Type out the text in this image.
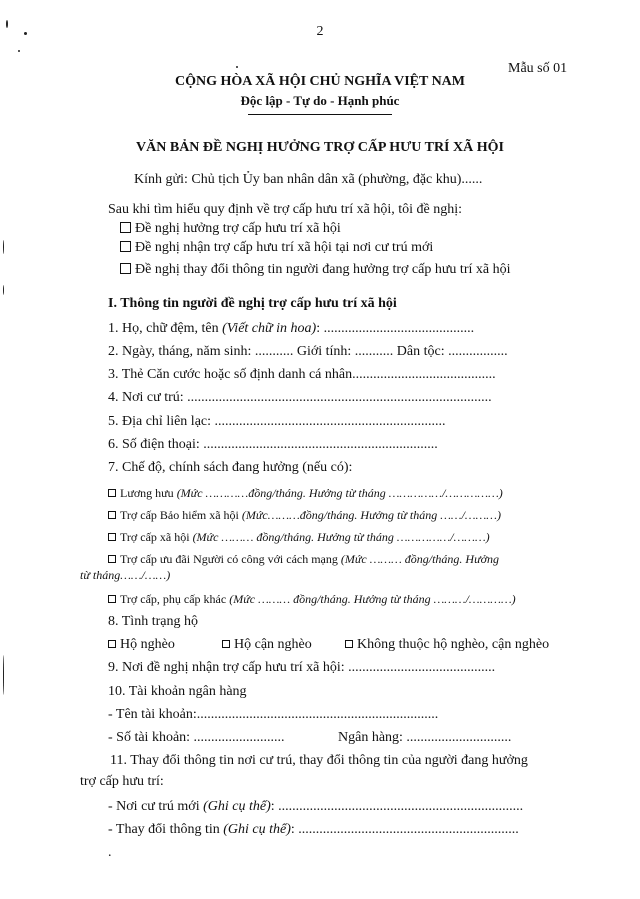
2
Mẫu số 01
CỘNG HÒA XÃ HỘI CHỦ NGHĨA VIỆT NAM
Độc lập - Tự do - Hạnh phúc
VĂN BẢN ĐỀ NGHỊ HƯỞNG TRỢ CẤP HƯU TRÍ XÃ HỘI
Kính gửi: Chủ tịch Ủy ban nhân dân xã (phường, đặc khu)......
Sau khi tìm hiểu quy định về trợ cấp hưu trí xã hội, tôi đề nghị:
Đề nghị hưởng trợ cấp hưu trí xã hội
Đề nghị nhận trợ cấp hưu trí xã hội tại nơi cư trú mới
Đề nghị thay đổi thông tin người đang hưởng trợ cấp hưu trí xã hội
I. Thông tin người đề nghị trợ cấp hưu trí xã hội
1. Họ, chữ đệm, tên (Viết chữ in hoa): ...........................................
2. Ngày, tháng, năm sinh: ........... Giới tính: ........... Dân tộc: .................
3. Thẻ Căn cước hoặc số định danh cá nhân.........................................
4. Nơi cư trú: .......................................................................................
5. Địa chỉ liên lạc: ..................................................................
6. Số điện thoại: ...................................................................
7. Chế độ, chính sách đang hưởng (nếu có):
Lương hưu (Mức …………đồng/tháng. Hưởng từ tháng ……………/……………)
Trợ cấp Bảo hiểm xã hội (Mức………đồng/tháng. Hưởng từ tháng ……/………)
Trợ cấp xã hội (Mức ……… đồng/tháng. Hưởng từ tháng ……………/………)
Trợ cấp ưu đãi Người có công với cách mạng (Mức ……… đồng/tháng. Hưởng
từ tháng……/……)
Trợ cấp, phụ cấp khác (Mức ……… đồng/tháng. Hưởng từ tháng ………/…………)
8. Tình trạng hộ
Hộ nghèo	Hộ cận nghèo	Không thuộc hộ nghèo, cận nghèo
9. Nơi đề nghị nhận trợ cấp hưu trí xã hội: ..........................................
10. Tài khoản ngân hàng
- Tên tài khoản:.....................................................................
- Số tài khoản: ..........................	Ngân hàng: ..............................
11. Thay đổi thông tin nơi cư trú, thay đổi thông tin của người đang hưởng
trợ cấp hưu trí:
- Nơi cư trú mới (Ghi cụ thể): ......................................................................
- Thay đổi thông tin (Ghi cụ thể): ...............................................................
.
